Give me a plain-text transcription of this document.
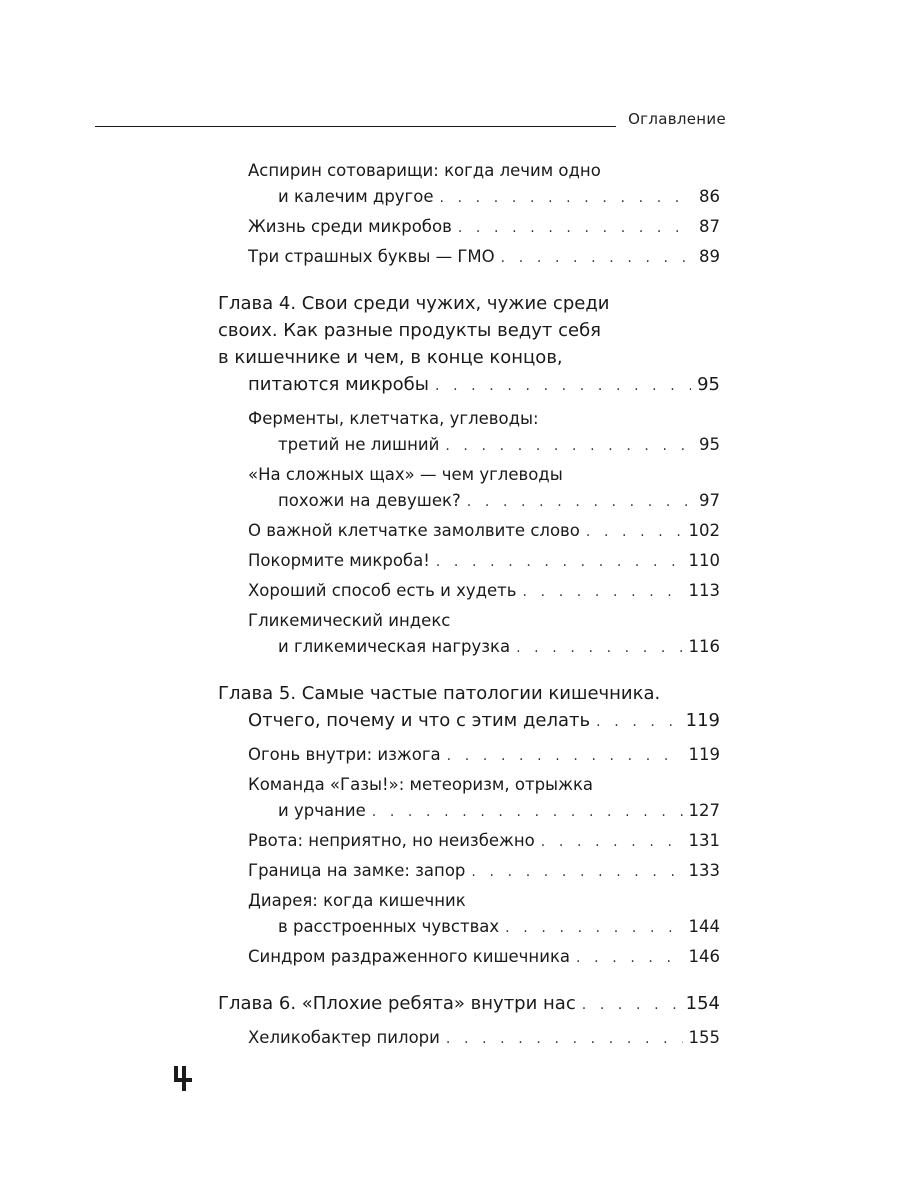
Оглавление
Аспирин сотоварищи: когда лечим одно
и калечим другое . . .	86
Жизнь среди микробов . . .	87
Три страшных буквы — ГМО . . .	89
Глава 4. Свои среди чужих, чужие среди
своих. Как разные продукты ведут себя
в кишечнике и чем, в конце концов,
питаются микробы . . .	95
Ферменты, клетчатка, углеводы:
третий не лишний . . .	95
«На сложных щах» — чем углеводы
похожи на девушек? . . .	97
О важной клетчатке замолвите слово . . .	102
Покормите микроба! . . .	110
Хороший способ есть и худеть . . .	113
Гликемический индекс
и гликемическая нагрузка . . .	116
Глава 5. Самые частые патологии кишечника.
Отчего, почему и что с этим делать . . .	119
Огонь внутри: изжога . . .	119
Команда «Газы!»: метеоризм, отрыжка
и урчание . . .	127
Рвота: неприятно, но неизбежно . . .	131
Граница на замке: запор . . .	133
Диарея: когда кишечник
в расстроенных чувствах . . .	144
Синдром раздраженного кишечника . . .	146
Глава 6. «Плохие ребята» внутри нас . . .	154
Хеликобактер пилори . . .	155
